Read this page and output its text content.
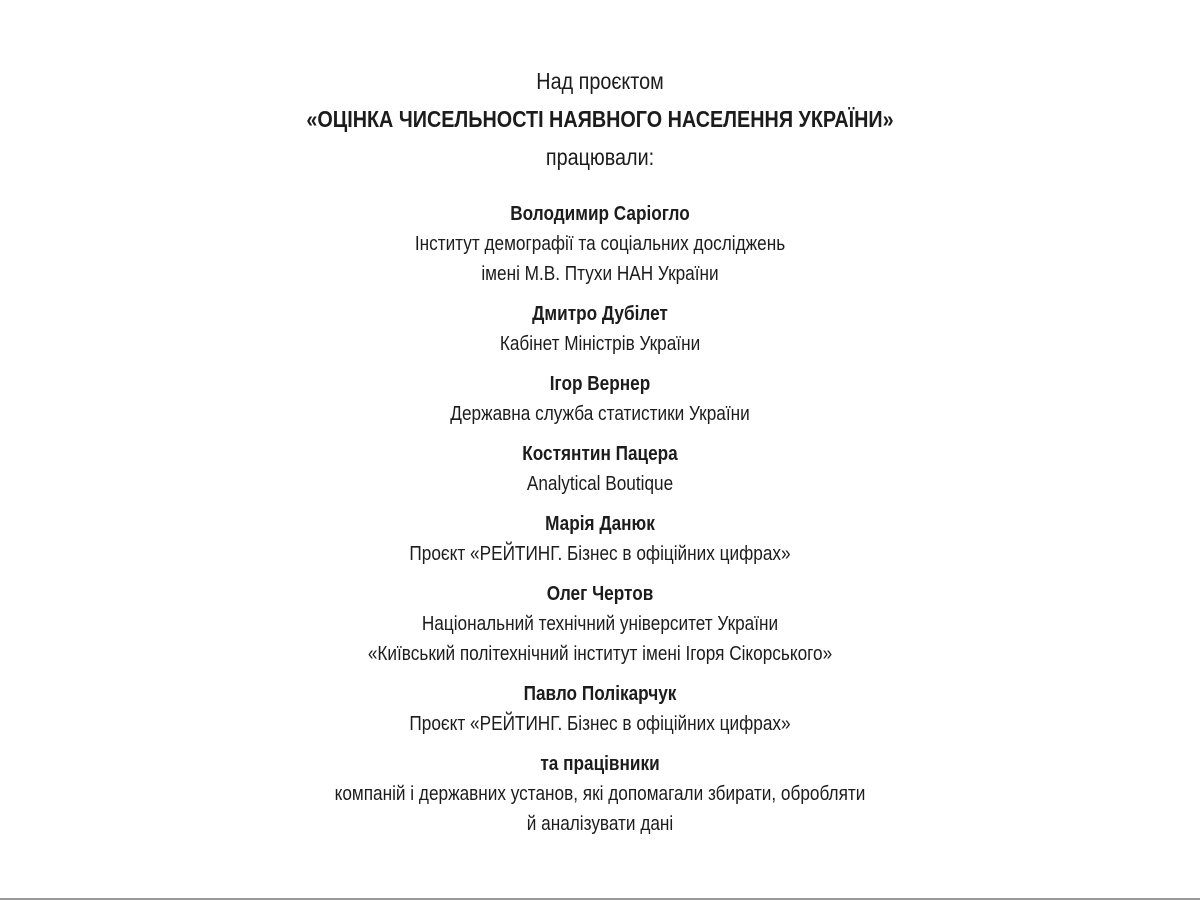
Над проєктом
«ОЦІНКА ЧИСЕЛЬНОСТІ НАЯВНОГО НАСЕЛЕННЯ УКРАЇНИ»
працювали:
Володимир Саріогло
Інститут демографії та соціальних досліджень
імені М.В. Птухи НАН України
Дмитро Дубілет
Кабінет Міністрів України
Ігор Вернер
Державна служба статистики України
Костянтин Пацера
Analytical Boutique
Марія Данюк
Проєкт «РЕЙТИНГ. Бізнес в офіційних цифрах»
Олег Чертов
Національний технічний університет України
«Київський політехнічний інститут імені Ігоря Сікорського»
Павло Полікарчук
Проєкт «РЕЙТИНГ. Бізнес в офіційних цифрах»
та працівники
компаній і державних установ, які допомагали збирати, обробляти
й аналізувати дані
